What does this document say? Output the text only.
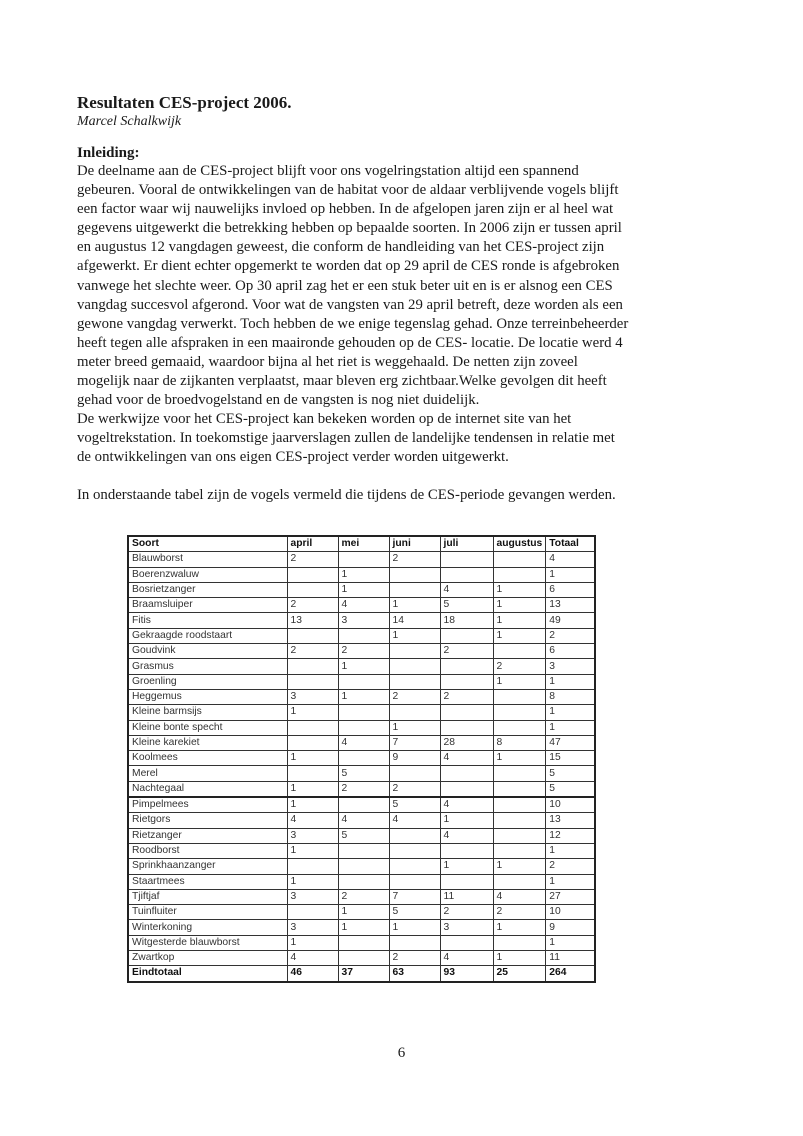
Resultaten CES-project 2006.

Marcel Schalkwijk

Inleiding:
De deelname aan de CES-project blijft voor ons vogelringstation altijd een spannend
gebeuren. Vooral de ontwikkelingen van de habitat voor de aldaar verblijvende vogels blijft
een factor waar wij nauwelijks invloed op hebben. In de afgelopen jaren zijn er al heel wat
gegevens uitgewerkt die betrekking hebben op bepaalde soorten. In 2006 zijn er tussen april
en augustus 12 vangdagen geweest, die conform de handleiding van het CES-project zijn
afgewerkt. Er dient echter opgemerkt te worden dat op 29 april de CES ronde is afgebroken
vanwege het slechte weer. Op 30 april zag het er een stuk beter uit en is er alsnog een CES
vangdag succesvol afgerond. Voor wat de vangsten van 29 april betreft, deze worden als een
gewone vangdag verwerkt. Toch hebben de we enige tegenslag gehad. Onze terreinbeheerder
heeft tegen alle afspraken in een maaironde gehouden op de CES- locatie. De locatie werd 4
meter breed gemaaid, waardoor bijna al het riet is weggehaald. De netten zijn zoveel
mogelijk naar de zijkanten verplaatst, maar bleven erg zichtbaar.Welke gevolgen dit heeft
gehad voor de broedvogelstand en de vangsten is nog niet duidelijk.
De werkwijze voor het CES-project kan bekeken worden op de internet site van het
vogeltrekstation. In toekomstige jaarverslagen zullen de landelijke tendensen in relatie met
de ontwikkelingen van ons eigen CES-project verder worden uitgewerkt.

In onderstaande tabel zijn de vogels vermeld die tijdens de CES-periode gevangen werden.

Soort	april	mei	juni	juli	augustus	Totaal
Blauwborst	2		2			4
Boerenzwaluw		1				1
Bosrietzanger		1		4	1	6
Braamsluiper	2	4	1	5	1	13
Fitis	13	3	14	18	1	49
Gekraagde roodstaart			1		1	2
Goudvink	2	2		2		6
Grasmus		1			2	3
Groenling					1	1
Heggemus	3	1	2	2		8
Kleine barmsijs	1					1
Kleine bonte specht			1			1
Kleine karekiet		4	7	28	8	47
Koolmees	1		9	4	1	15
Merel		5				5
Nachtegaal	1	2	2			5
Pimpelmees	1		5	4		10
Rietgors	4	4	4	1		13
Rietzanger	3	5		4		12
Roodborst	1					1
Sprinkhaanzanger				1	1	2
Staartmees	1					1
Tjiftjaf	3	2	7	11	4	27
Tuinfluiter		1	5	2	2	10
Winterkoning	3	1	1	3	1	9
Witgesterde blauwborst	1					1
Zwartkop	4		2	4	1	11
Eindtotaal	46	37	63	93	25	264
6
